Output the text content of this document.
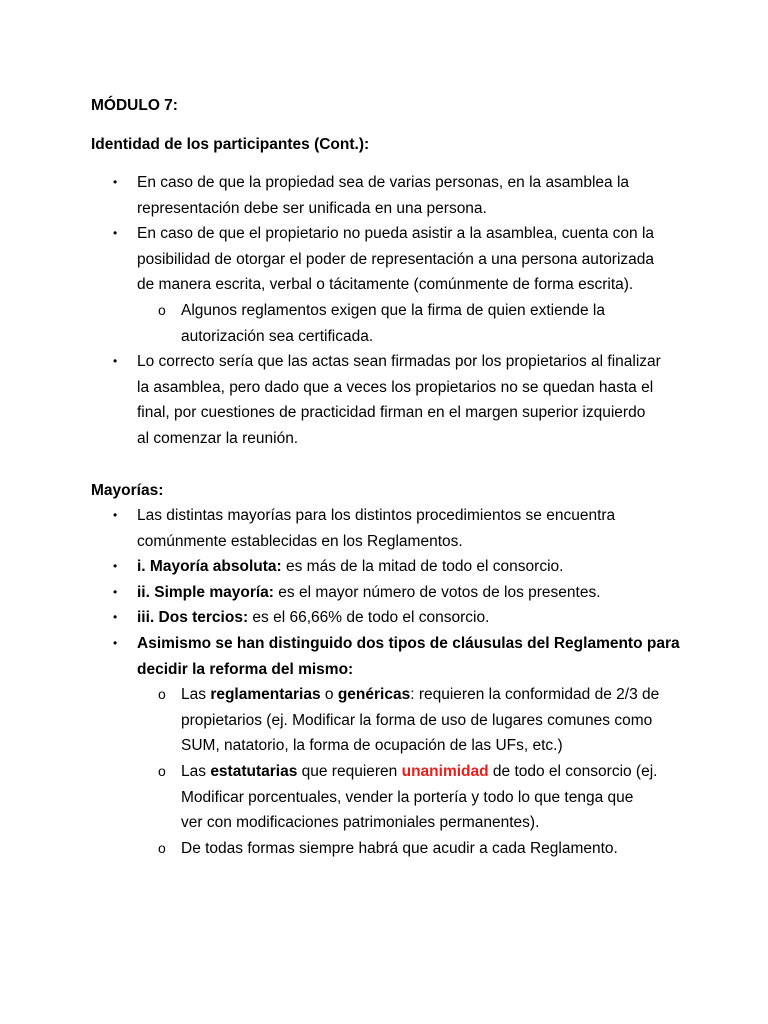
MÓDULO 7:
Identidad de los participantes (Cont.):
• En caso de que la propiedad sea de varias personas, en la asamblea la
representación debe ser unificada en una persona.
• En caso de que el propietario no pueda asistir a la asamblea, cuenta con la
posibilidad de otorgar el poder de representación a una persona autorizada
de manera escrita, verbal o tácitamente (comúnmente de forma escrita).
o Algunos reglamentos exigen que la firma de quien extiende la
autorización sea certificada.
• Lo correcto sería que las actas sean firmadas por los propietarios al finalizar
la asamblea, pero dado que a veces los propietarios no se quedan hasta el
final, por cuestiones de practicidad firman en el margen superior izquierdo
al comenzar la reunión.
Mayorías:
• Las distintas mayorías para los distintos procedimientos se encuentra
comúnmente establecidas en los Reglamentos.
• i. Mayoría absoluta: es más de la mitad de todo el consorcio.
• ii. Simple mayoría: es el mayor número de votos de los presentes.
• iii. Dos tercios: es el 66,66% de todo el consorcio.
• Asimismo se han distinguido dos tipos de cláusulas del Reglamento para
decidir la reforma del mismo:
o Las reglamentarias o genéricas: requieren la conformidad de 2/3 de
propietarios (ej. Modificar la forma de uso de lugares comunes como
SUM, natatorio, la forma de ocupación de las UFs, etc.)
o Las estatutarias que requieren unanimidad de todo el consorcio (ej.
Modificar porcentuales, vender la portería y todo lo que tenga que
ver con modificaciones patrimoniales permanentes).
o De todas formas siempre habrá que acudir a cada Reglamento.
